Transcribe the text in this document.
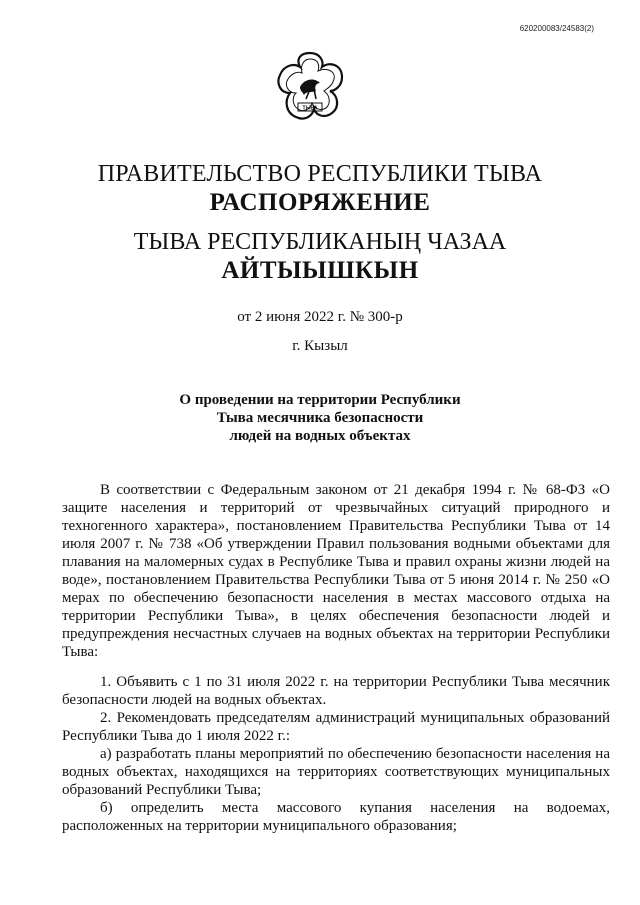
620200083/24583(2)
ТЫВА
ПРАВИТЕЛЬСТВО РЕСПУБЛИКИ ТЫВА
РАСПОРЯЖЕНИЕ
ТЫВА РЕСПУБЛИКАНЫҢ ЧАЗАА
АЙТЫЫШКЫН
от 2 июня 2022 г. № 300-р
г. Кызыл
О проведении на территории Республики
Тыва месячника безопасности
людей на водных объектах

В соответствии с Федеральным законом от 21 декабря 1994 г. № 68-ФЗ «О защите населения и территорий от чрезвычайных ситуаций природного и техногенного характера», постановлением Правительства Республики Тыва от 14 июля 2007 г. № 738 «Об утверждении Правил пользования водными объектами для плавания на маломерных судах в Республике Тыва и правил охраны жизни людей на воде», постановлением Правительства Республики Тыва от 5 июня 2014 г. № 250 «О мерах по обеспечению безопасности населения в местах массового отдыха на территории Республики Тыва», в целях обеспечения безопасности людей и предупреждения несчастных случаев на водных объектах на территории Республики Тыва:

1. Объявить с 1 по 31 июля 2022 г. на территории Республики Тыва месячник безопасности людей на водных объектах.

2. Рекомендовать председателям администраций муниципальных образований Республики Тыва до 1 июля 2022 г.:

а) разработать планы мероприятий по обеспечению безопасности населения на водных объектах, находящихся на территориях соответствующих муниципальных образований Республики Тыва;

б) определить места массового купания населения на водоемах, расположенных на территории муниципального образования;
